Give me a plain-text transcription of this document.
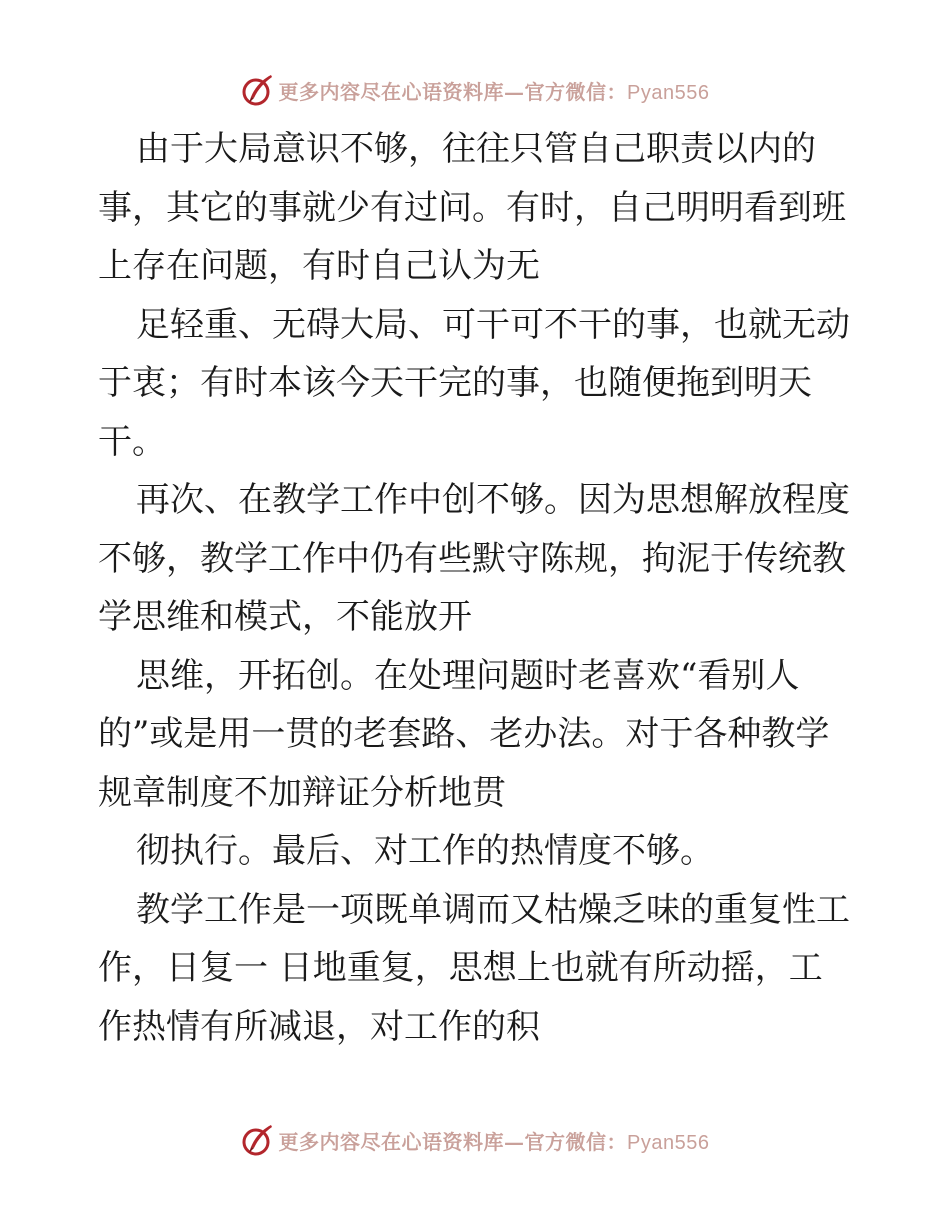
更多内容尽在心语资料库—官方微信：Pyan556
由于大局意识不够，往往只管自己职责以内的
事，其它的事就少有过问。有时，自己明明看到班
上存在问题，有时自己认为无
足轻重、无碍大局、可干可不干的事，也就无动
于衷；有时本该今天干完的事，也随便拖到明天
干。
再次、在教学工作中创不够。因为思想解放程度
不够，教学工作中仍有些默守陈规，拘泥于传统教
学思维和模式，不能放开
思维，开拓创。在处理问题时老喜欢“看别人
的”或是用一贯的老套路、老办法。对于各种教学
规章制度不加辩证分析地贯
彻执行。最后、对工作的热情度不够。
教学工作是一项既单调而又枯燥乏味的重复性工
作，日复一 日地重复，思想上也就有所动摇，工
作热情有所减退，对工作的积
更多内容尽在心语资料库—官方微信：Pyan556
